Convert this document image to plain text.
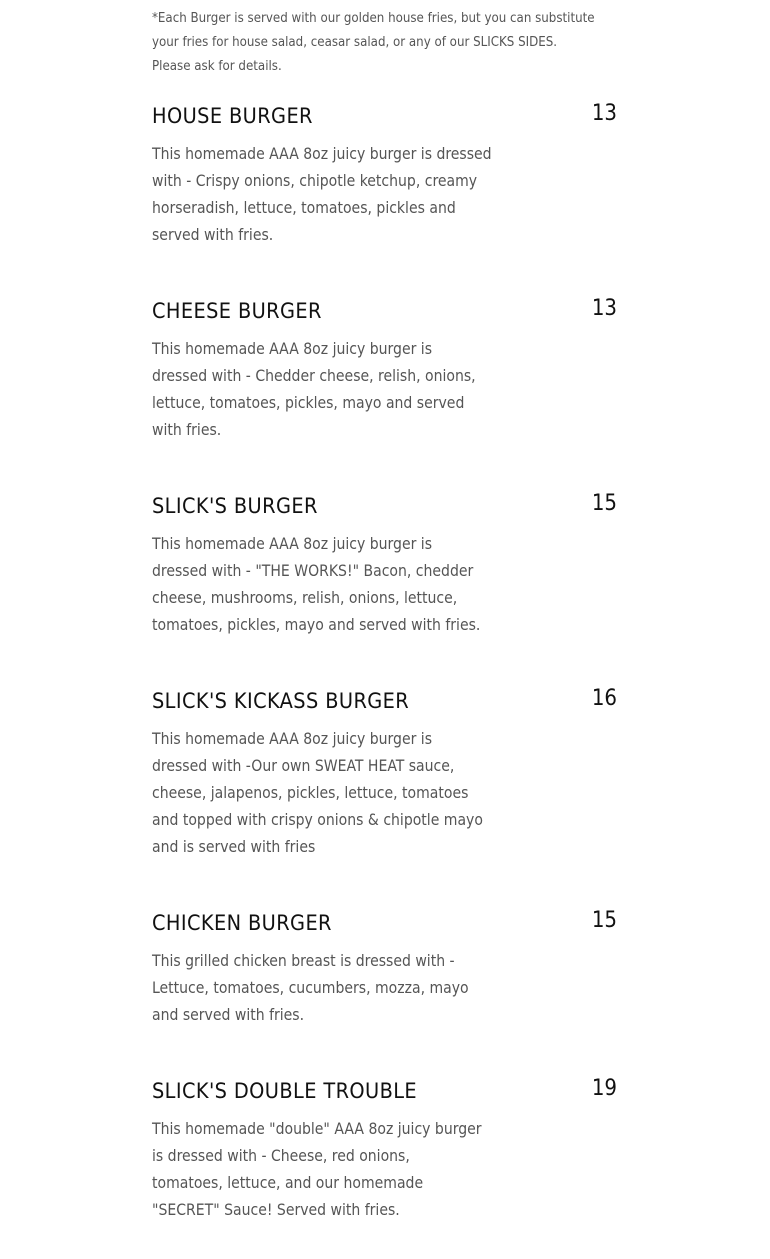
*Each Burger is served with our golden house fries, but you can substitute
your fries for house salad, ceasar salad, or any of our SLICKS SIDES.
Please ask for details.
HOUSE BURGER	13
This homemade AAA 8oz juicy burger is dressed
with - Crispy onions, chipotle ketchup, creamy
horseradish, lettuce, tomatoes, pickles and
served with fries.
CHEESE BURGER	13
This homemade AAA 8oz juicy burger is
dressed with - Chedder cheese, relish, onions,
lettuce, tomatoes, pickles, mayo and served
with fries.
SLICK'S BURGER	15
This homemade AAA 8oz juicy burger is
dressed with - "THE WORKS!" Bacon, chedder
cheese, mushrooms, relish, onions, lettuce,
tomatoes, pickles, mayo and served with fries.
SLICK'S KICKASS BURGER	16
This homemade AAA 8oz juicy burger is
dressed with -Our own SWEAT HEAT sauce,
cheese, jalapenos, pickles, lettuce, tomatoes
and topped with crispy onions & chipotle mayo
and is served with fries
CHICKEN BURGER	15
This grilled chicken breast is dressed with -
Lettuce, tomatoes, cucumbers, mozza, mayo
and served with fries.
SLICK'S DOUBLE TROUBLE	19
This homemade "double" AAA 8oz juicy burger
is dressed with - Cheese, red onions,
tomatoes, lettuce, and our homemade
"SECRET" Sauce! Served with fries.
